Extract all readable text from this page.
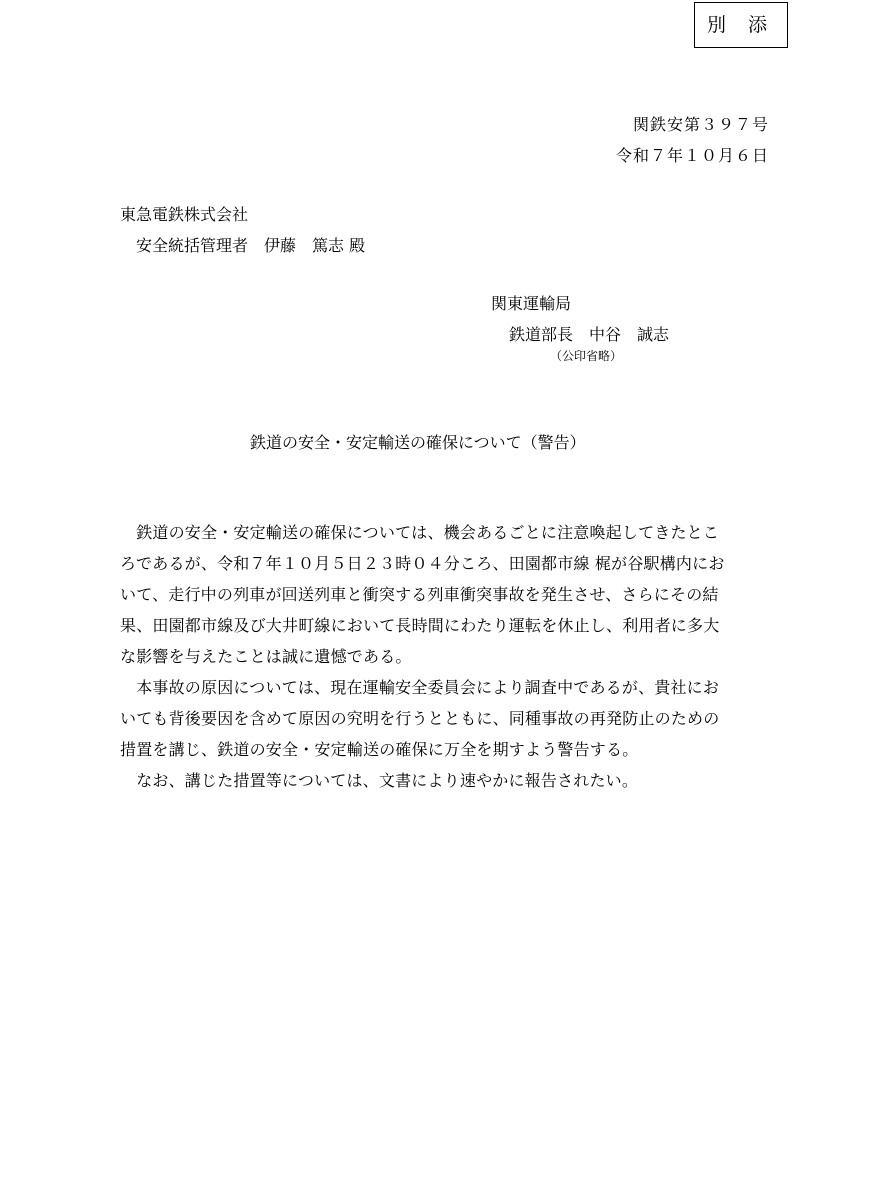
別 添
関鉄安第３９７号
令和７年１０月６日
東急電鉄株式会社
安全統括管理者　伊藤　篤志 殿
関東運輸局
鉄道部長　中谷　誠志
（公印省略）
鉄道の安全・安定輸送の確保について（警告）
　鉄道の安全・安定輸送の確保については、機会あるごとに注意喚起してきたとこ
ろであるが、令和７年１０月５日２３時０４分ころ、田園都市線 梶が谷駅構内にお
いて、走行中の列車が回送列車と衝突する列車衝突事故を発生させ、さらにその結
果、田園都市線及び大井町線において長時間にわたり運転を休止し、利用者に多大
な影響を与えたことは誠に遺憾である。
　本事故の原因については、現在運輸安全委員会により調査中であるが、貴社にお
いても背後要因を含めて原因の究明を行うとともに、同種事故の再発防止のための
措置を講じ、鉄道の安全・安定輸送の確保に万全を期すよう警告する。
　なお、講じた措置等については、文書により速やかに報告されたい。
